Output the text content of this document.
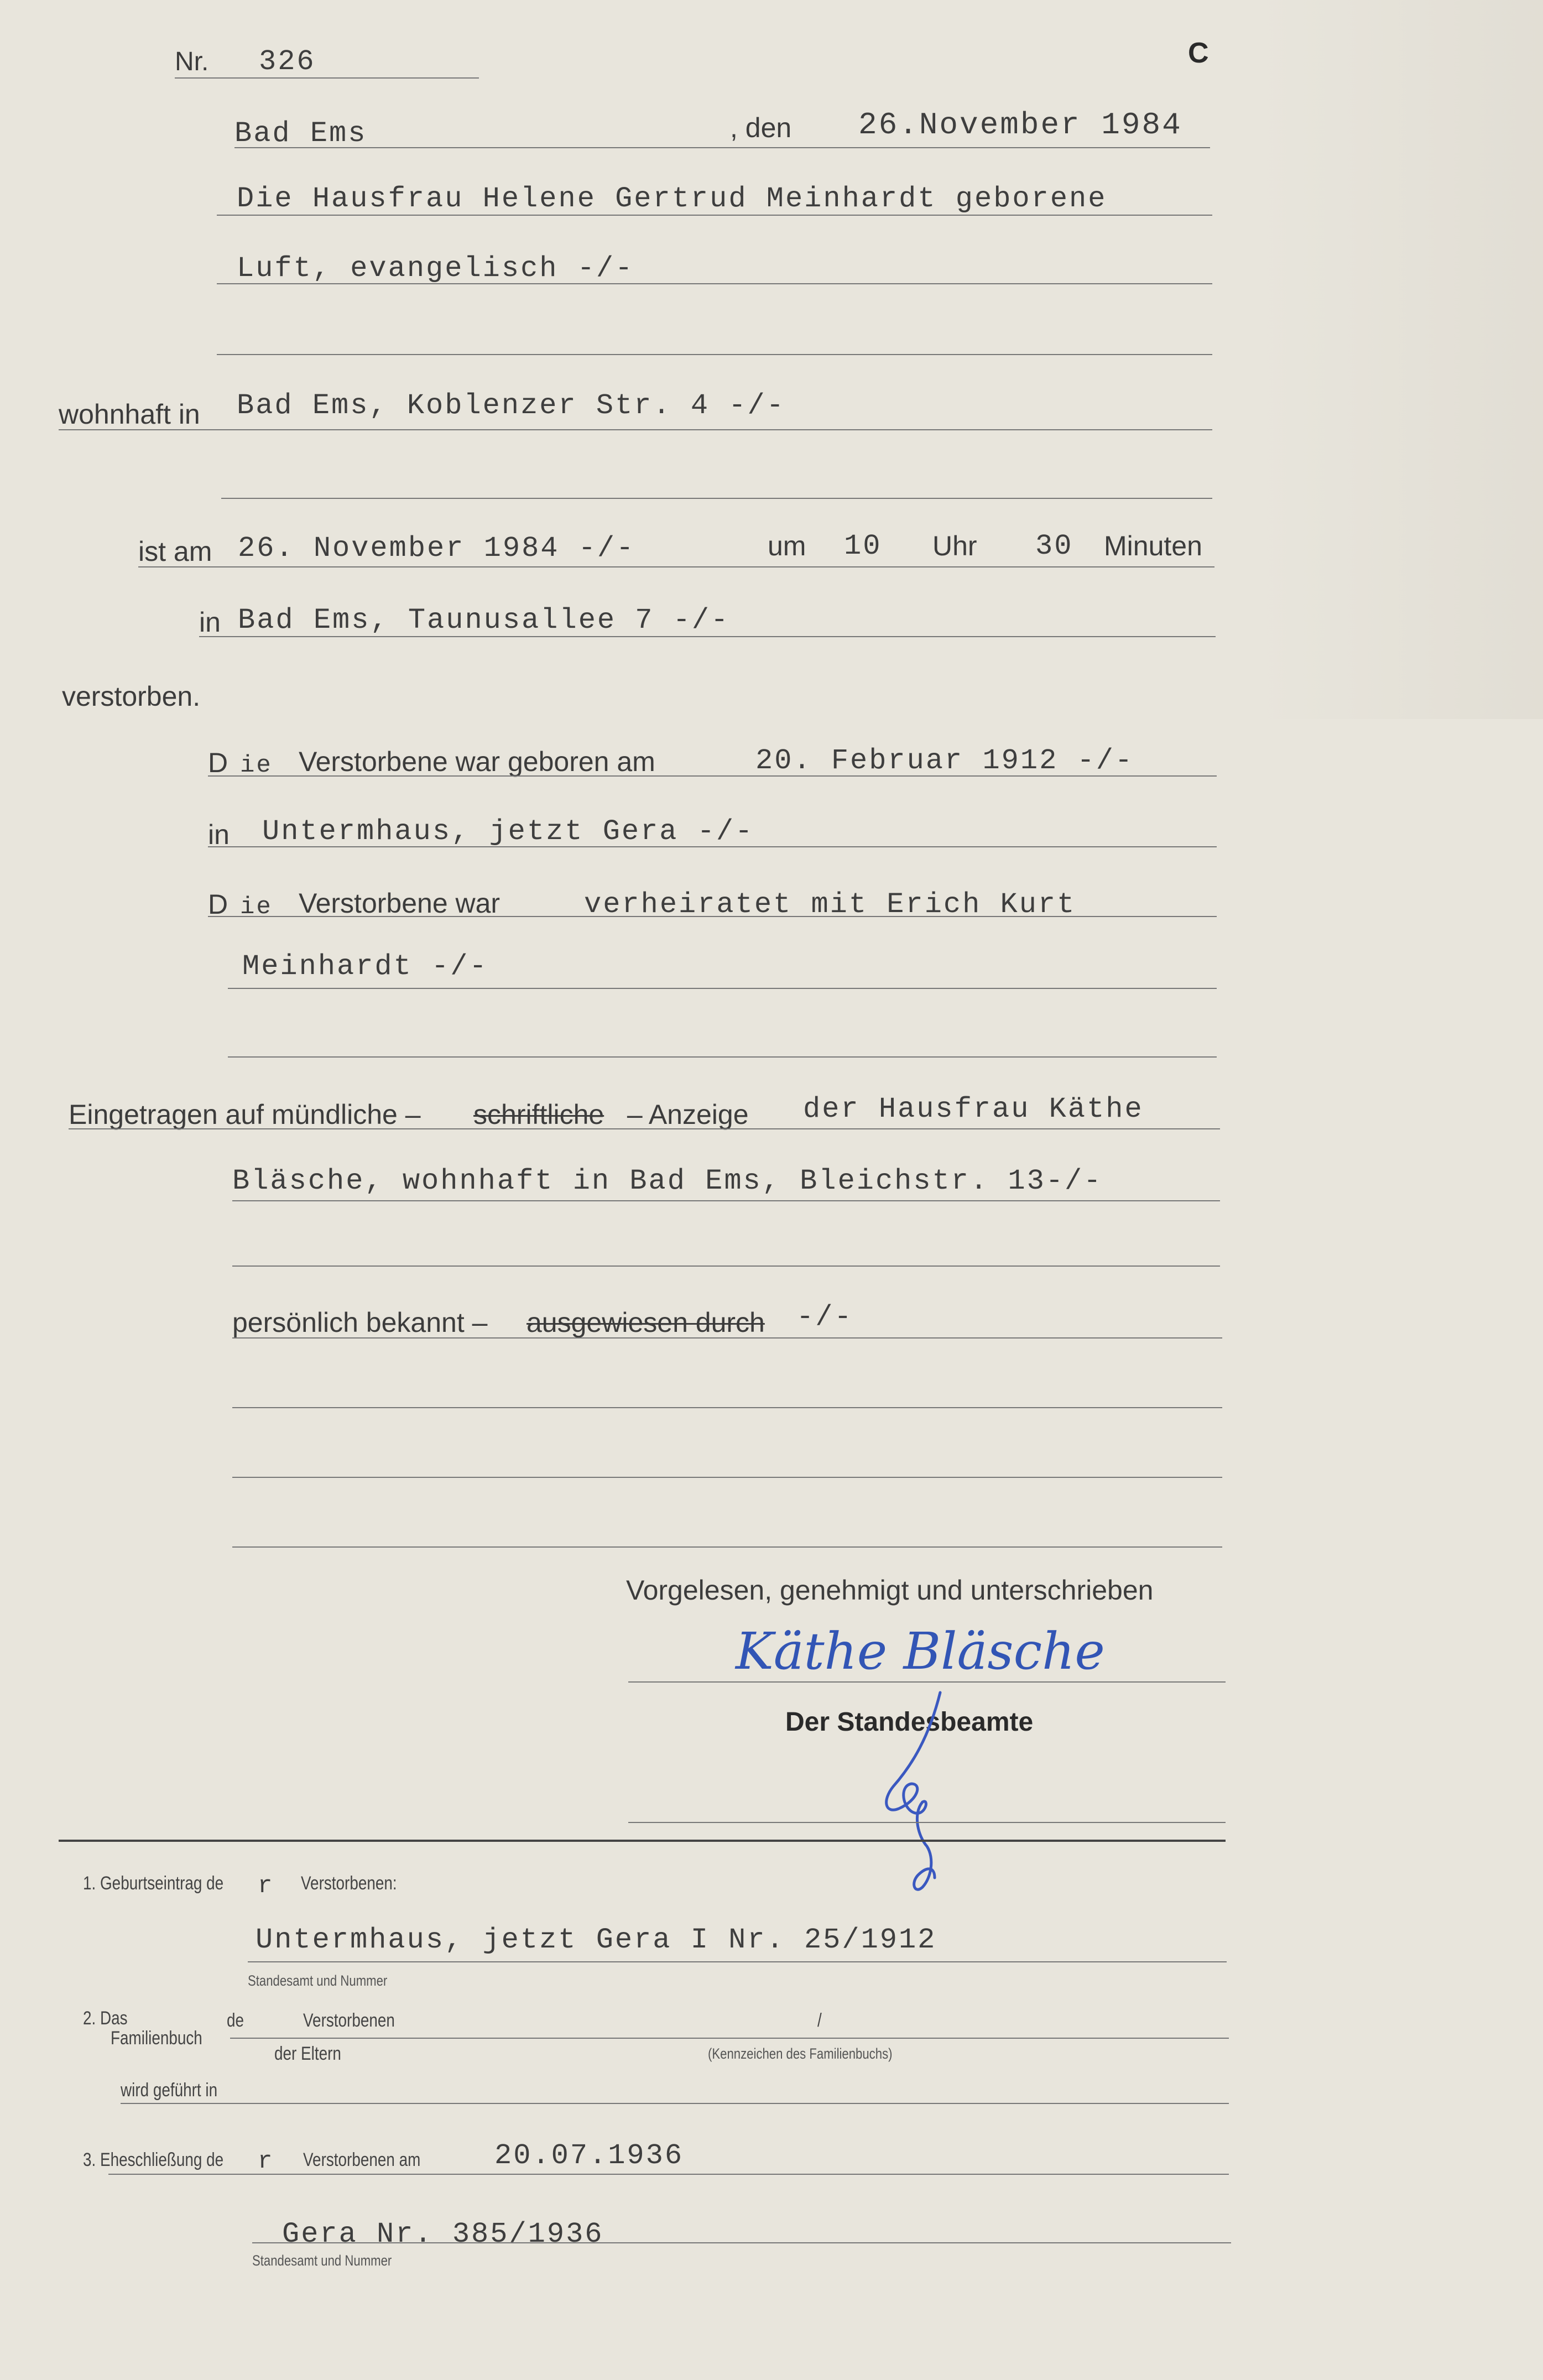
Nr. 326	C
Bad Ems	, den 26.November 1984
Die Hausfrau Helene Gertrud Meinhardt geborene
Luft, evangelisch -/-
wohnhaft in Bad Ems, Koblenzer Str. 4 -/-
ist am 26. November 1984 -/-	um 10 Uhr 30 Minuten
in Bad Ems, Taunusallee 7 -/-
verstorben.
D ie Verstorbene war geboren am	20. Februar 1912 -/-
in Untermhaus, jetzt Gera -/-
D ie Verstorbene war	verheiratet mit Erich Kurt
Meinhardt -/-
Eingetragen auf mündliche – schriftliche – Anzeige der Hausfrau Käthe
Bläsche, wohnhaft in Bad Ems, Bleichstr. 13-/-
persönlich bekannt – ausgewiesen durch -/-
Vorgelesen, genehmigt und unterschrieben
Käthe Bläsche
Der Standesbeamte
1. Geburtseintrag de r Verstorbenen:
Untermhaus, jetzt Gera I Nr. 25/1912
Standesamt und Nummer
2. Das
Familienbuch
de	Verstorbenen
der Eltern
/
(Kennzeichen des Familienbuchs)
wird geführt in
3. Eheschließung de r Verstorbenen am	20.07.1936
Gera Nr. 385/1936
Standesamt und Nummer
